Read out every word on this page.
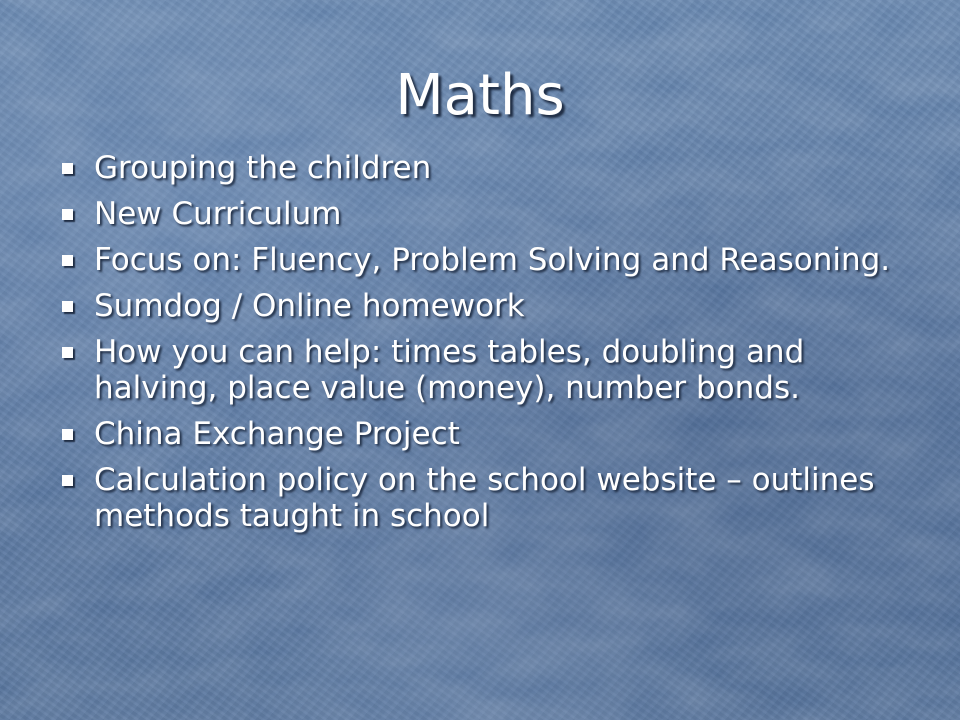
Maths
Grouping the children
New Curriculum
Focus on: Fluency, Problem Solving and Reasoning.
Sumdog / Online homework
How you can help: times tables, doubling and halving, place value (money), number bonds.
China Exchange Project
Calculation policy on the school website – outlines methods taught in school
